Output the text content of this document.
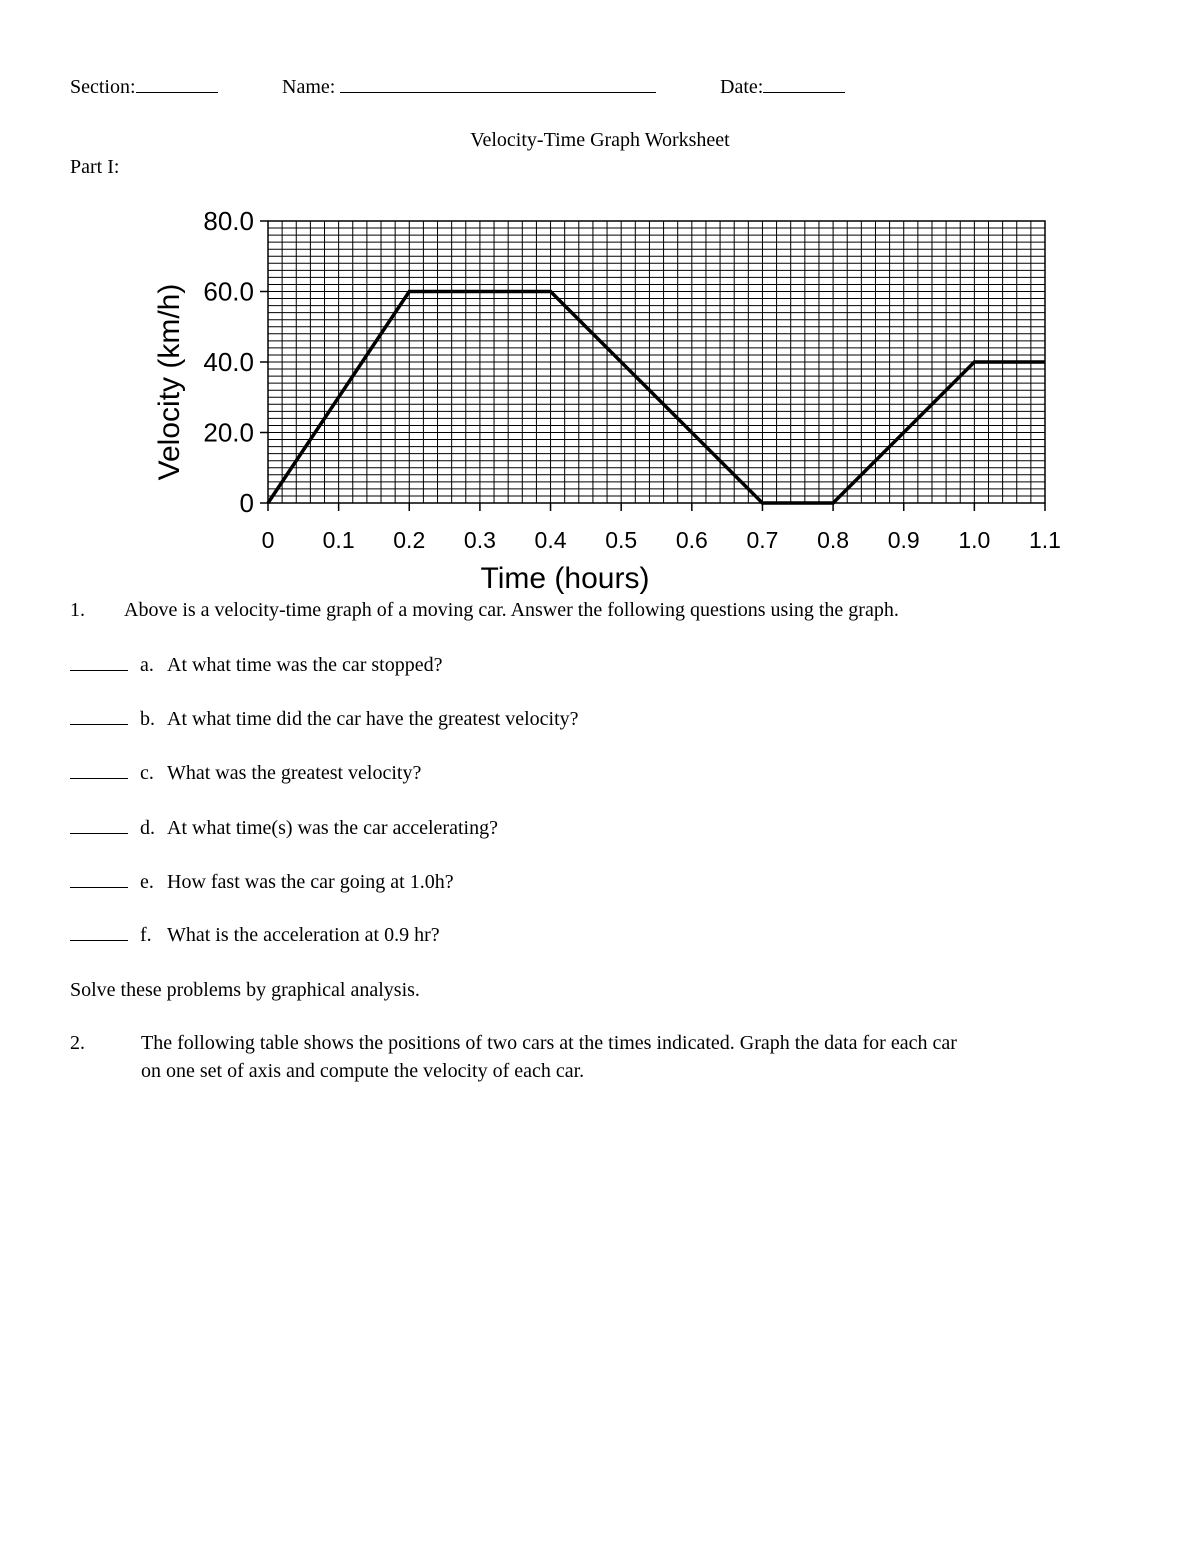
Section:	Name:	Date:
Velocity-Time Graph Worksheet
Part I:
0
20.0
40.0
60.0
80.0
0 0.1 0.2 0.3 0.4 0.5 0.6 0.7 0.8 0.9 1.0 1.1
Time (hours)
Velocity (km/h)
1. Above is a velocity-time graph of a moving car. Answer the following questions using the graph.
a. At what time was the car stopped?
b. At what time did the car have the greatest velocity?
c. What was the greatest velocity?
d. At what time(s) was the car accelerating?
e. How fast was the car going at 1.0h?
f. What is the acceleration at 0.9 hr?
Solve these problems by graphical analysis.
2.	The following table shows the positions of two cars at the times indicated. Graph the data for each car
on one set of axis and compute the velocity of each car.
